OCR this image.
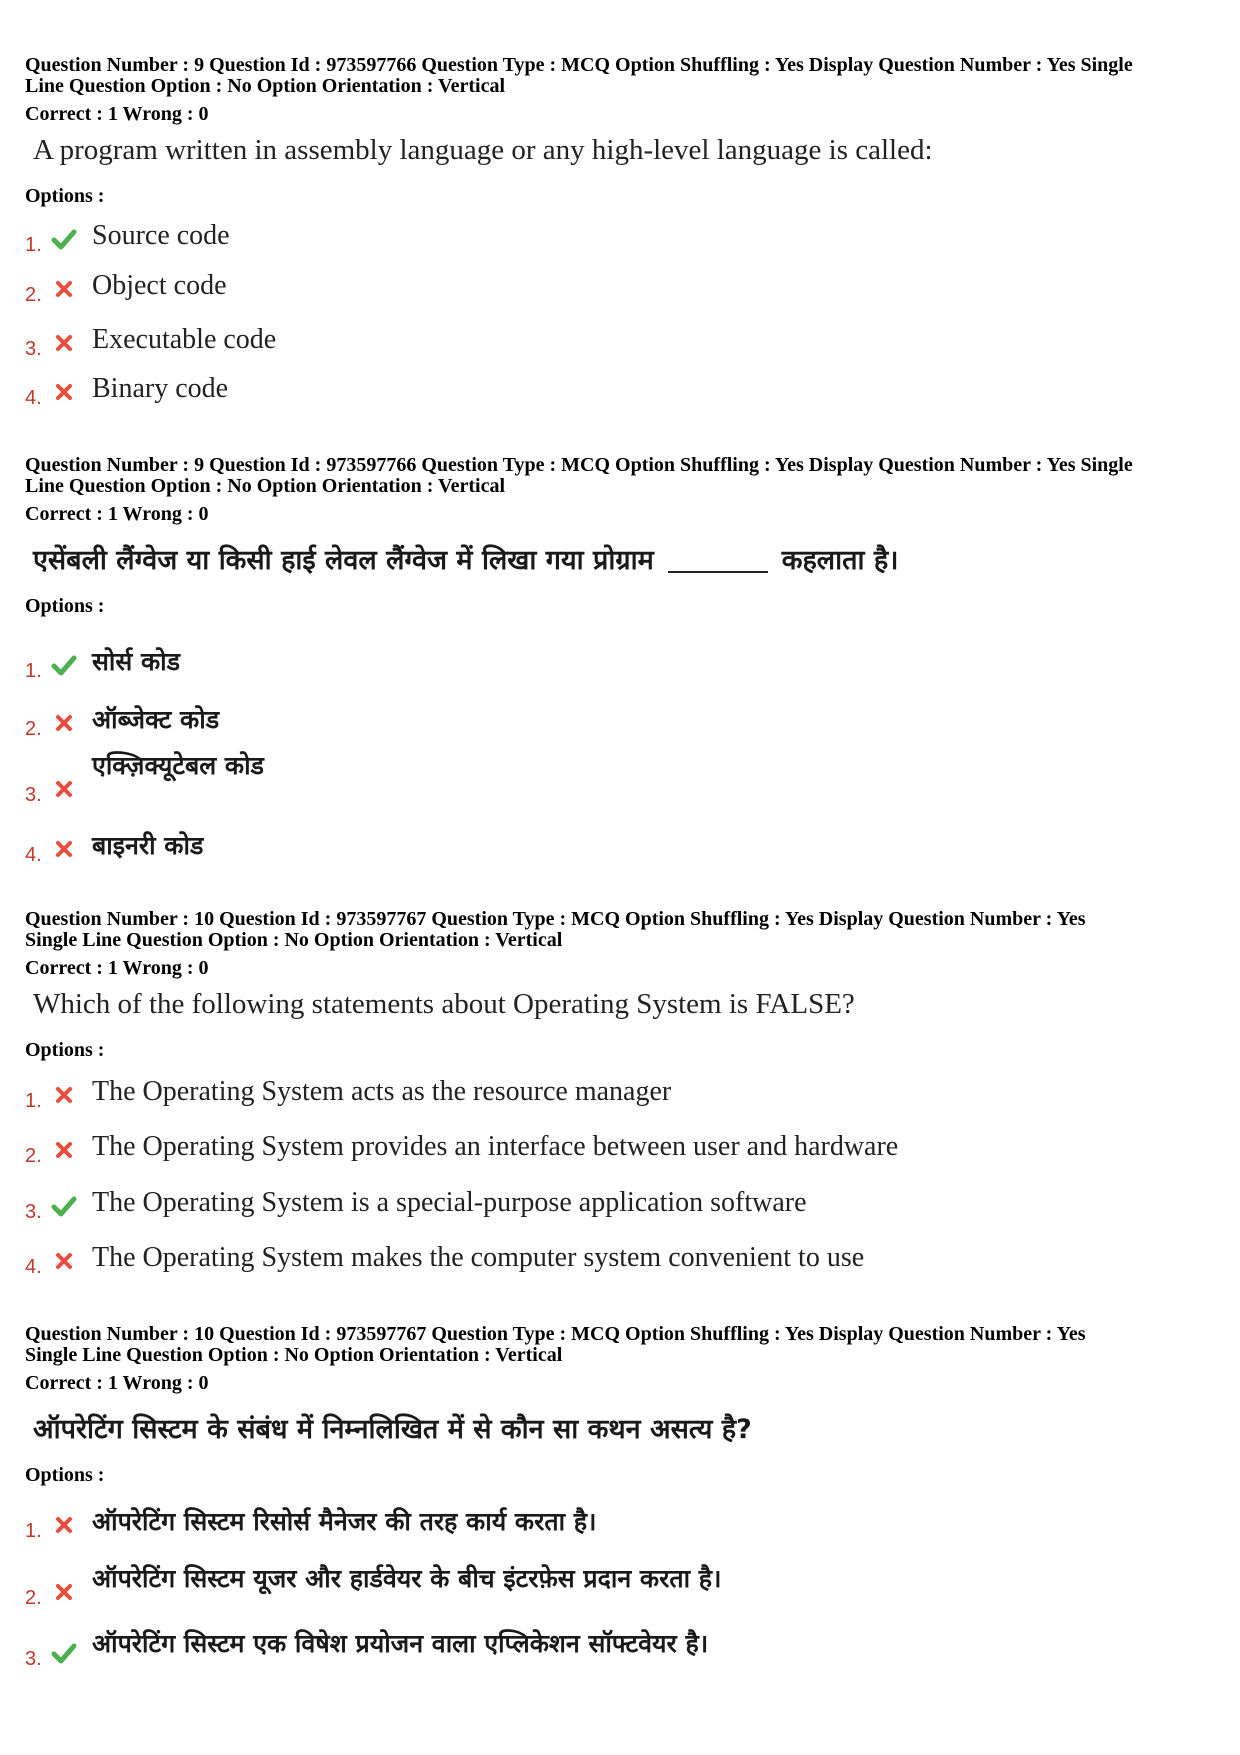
Question Number : 9 Question Id : 973597766 Question Type : MCQ Option Shuffling : Yes Display Question Number : Yes Single
Line Question Option : No Option Orientation : Vertical
Correct : 1 Wrong : 0
A program written in assembly language or any high-level language is called:
Options :
1. Source code
2. Object code
3. Executable code
4. Binary code
Question Number : 9 Question Id : 973597766 Question Type : MCQ Option Shuffling : Yes Display Question Number : Yes Single
Line Question Option : No Option Orientation : Vertical
Correct : 1 Wrong : 0
एसेंबली लैंग्वेज या किसी हाई लेवल लैंग्वेज में लिखा गया प्रोग्राम	कहलाता है।
Options :
1. सोर्स कोड
2. ऑब्जेक्ट कोड
3.
एक्ज़िक्यूटेबल कोड
4. बाइनरी कोड
Question Number : 10 Question Id : 973597767 Question Type : MCQ Option Shuffling : Yes Display Question Number : Yes
Single Line Question Option : No Option Orientation : Vertical
Correct : 1 Wrong : 0
Which of the following statements about Operating System is FALSE?
Options :
1. The Operating System acts as the resource manager
2. The Operating System provides an interface between user and hardware
3. The Operating System is a special-purpose application software
4. The Operating System makes the computer system convenient to use
Question Number : 10 Question Id : 973597767 Question Type : MCQ Option Shuffling : Yes Display Question Number : Yes
Single Line Question Option : No Option Orientation : Vertical
Correct : 1 Wrong : 0
ऑपरेटिंग सिस्टम के संबंध में निम्नलिखित में से कौन सा कथन असत्य है?
Options :
1. ऑपरेटिंग सिस्टम रिसोर्स मैनेजर की तरह कार्य करता है।
2.
ऑपरेटिंग सिस्टम यूजर और हार्डवेयर के बीच इंटरफ़ेस प्रदान करता है।
3.
ऑपरेटिंग सिस्टम एक विषेश प्रयोजन वाला एप्लिकेशन सॉफ्टवेयर है।
